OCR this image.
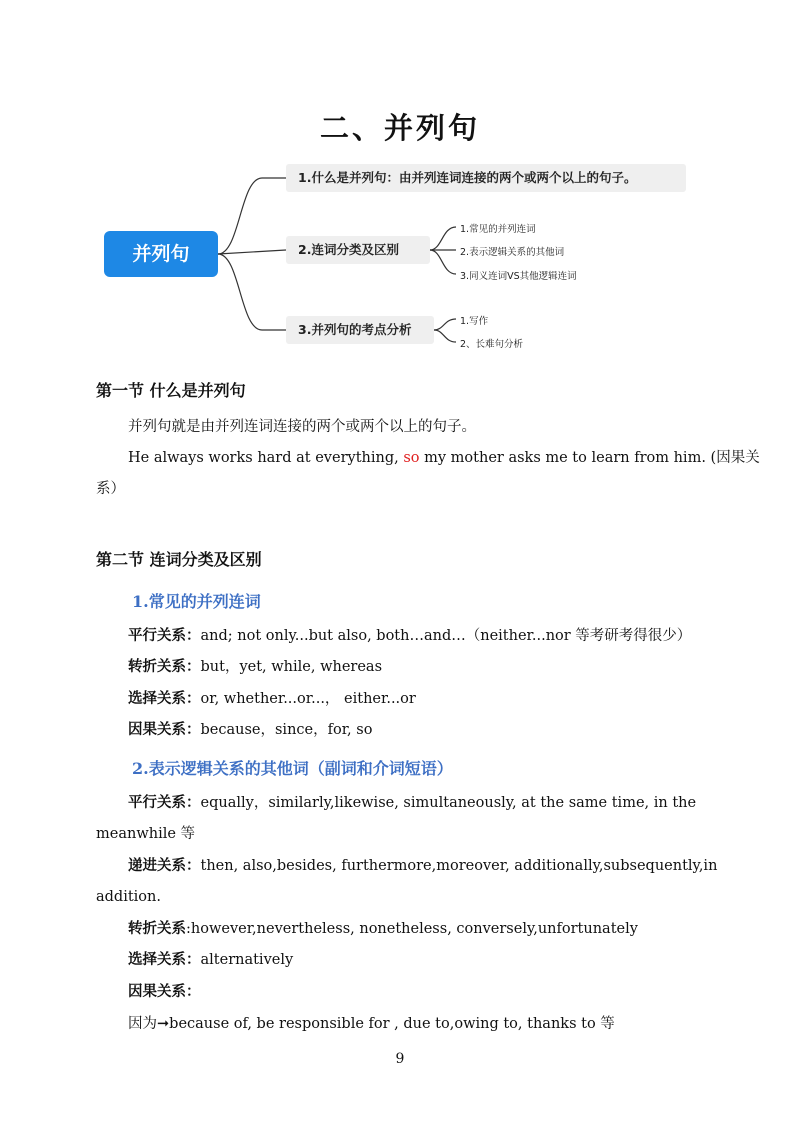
二、并列句
并列句
1.什么是并列句：由并列连词连接的两个或两个以上的句子。
2.连词分类及区别
3.并列句的考点分析
1.常见的并列连词
2.表示逻辑关系的其他词
3.同义连词VS其他逻辑连词
1.写作
2、长难句分析
第一节 什么是并列句
并列句就是由并列连词连接的两个或两个以上的句子。
He always works hard at everything, so my mother asks me to learn from him. (因果关
系）
第二节 连词分类及区别
1.常见的并列连词
平行关系：and; not only...but also, both…and…（neither...nor 等考研考得很少）
转折关系：but，yet, while, whereas
选择关系：or, whether...or...， either...or
因果关系：because，since，for, so
2.表示逻辑关系的其他词（副词和介词短语）
平行关系：equally，similarly,likewise, simultaneously, at the same time, in the
meanwhile 等
递进关系：then, also,besides, furthermore,moreover, additionally,subsequently,in
addition.
转折关系:however,nevertheless, nonetheless, conversely,unfortunately
选择关系：alternatively
因果关系：
因为➞because of, be responsible for , due to,owing to, thanks to 等
9
